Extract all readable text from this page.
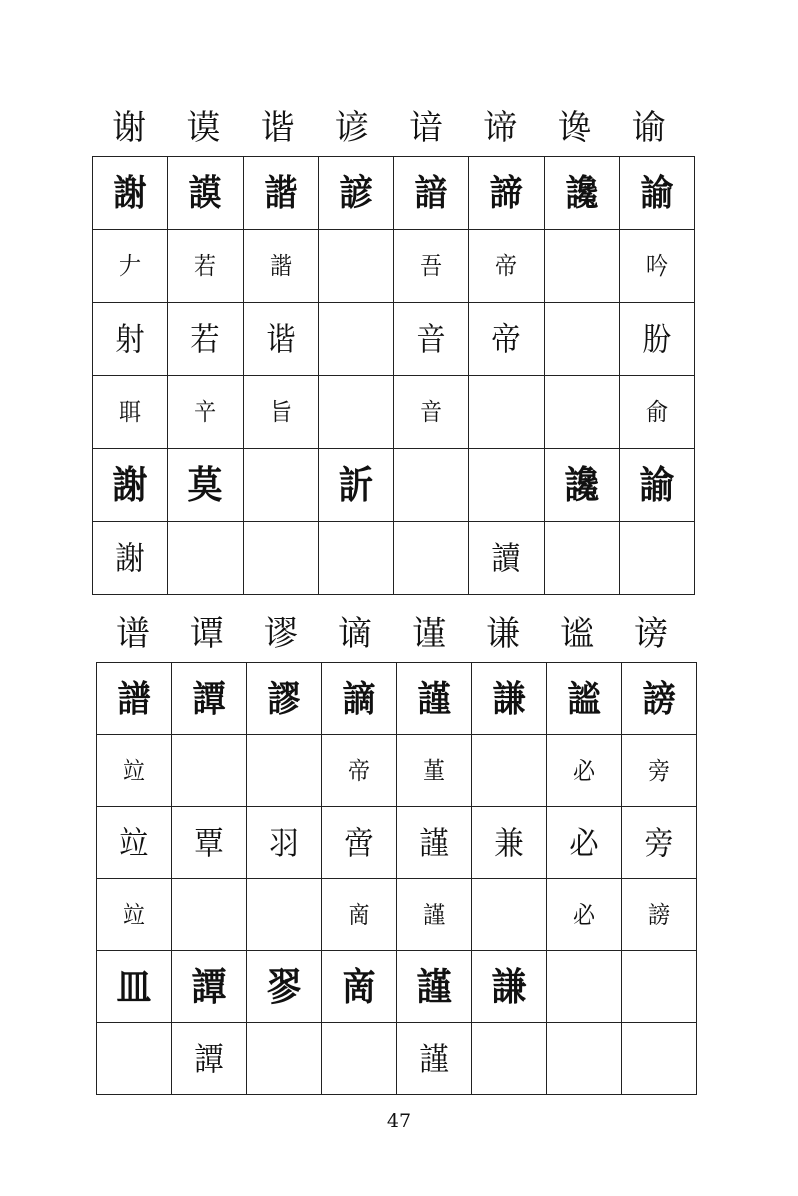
谢	谟	谐	谚	谙	谛	谗	谕
謝	謨	諧	諺	諳	諦	讒	諭
𠂇	若	諧		吾	帝		吟
射	若	谐		音	帝		朌
聑	䇂	旨		音			俞
謝	莫		訢			讒	諭
謝					讀		
谱	谭	谬	谪	谨	谦	谧	谤
譜	譚	謬	謫	謹	謙	謐	謗
竝			帝	堇		必	旁
竝	覃	羽	啻	謹	兼	必	旁
竝			啇	謹		必	謗
皿	譚	翏	啇	謹	謙		
	譚			謹			
47
